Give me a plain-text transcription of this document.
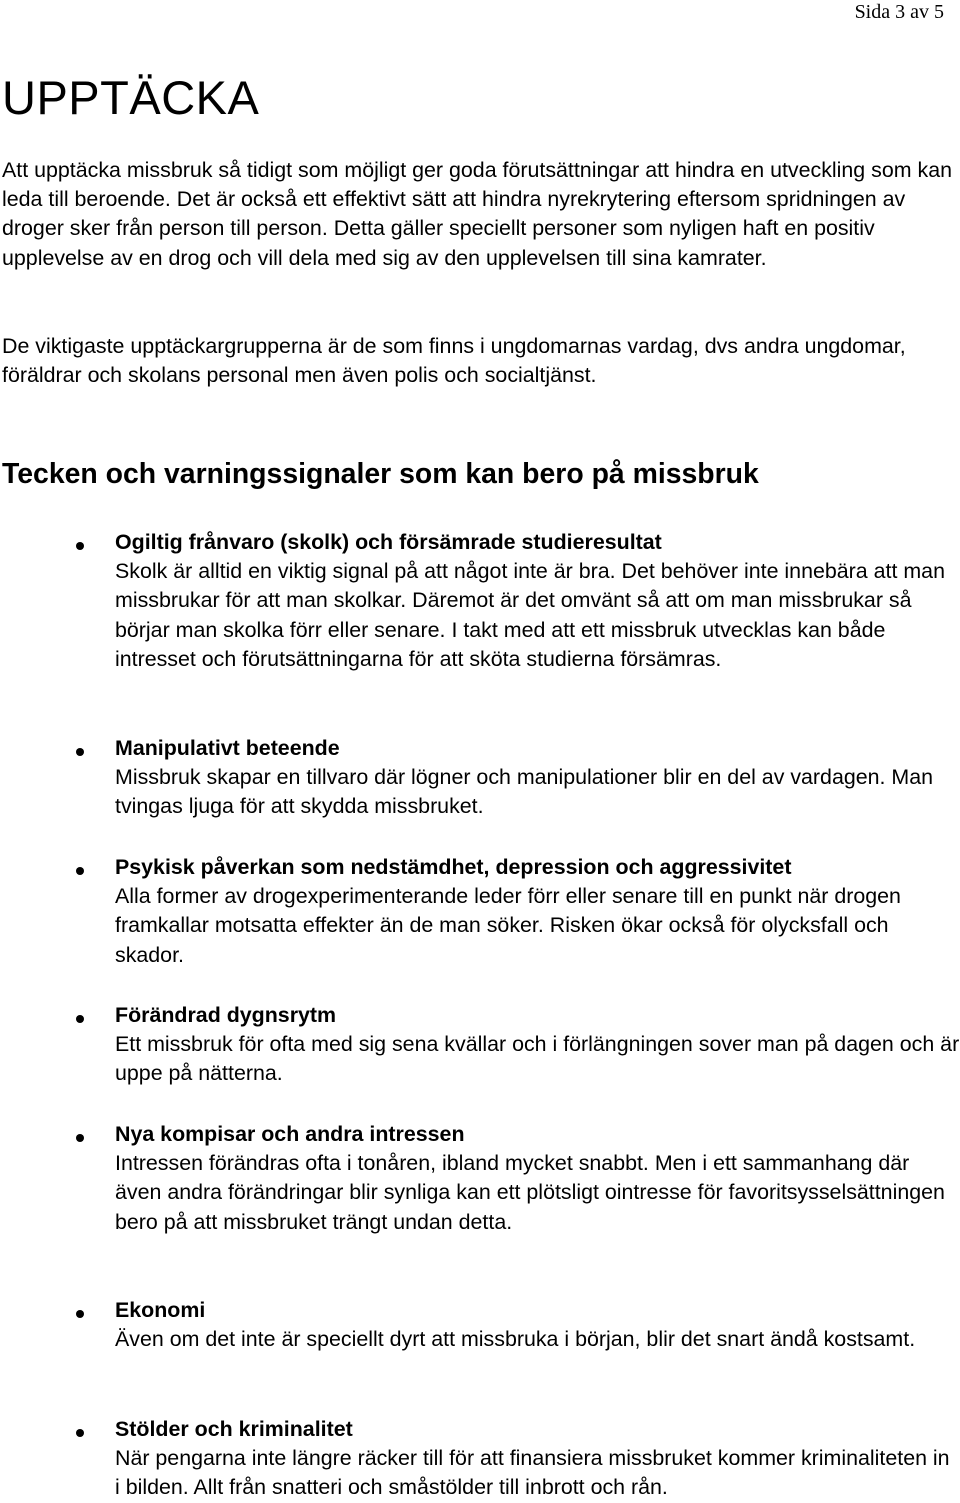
Sida 3 av 5
UPPTÄCKA

Att upptäcka missbruk så tidigt som möjligt ger goda förutsättningar att hindra en utveckling som kan leda till beroende. Det är också ett effektivt sätt att hindra nyrekrytering eftersom spridningen av droger sker från person till person. Detta gäller speciellt personer som nyligen haft en positiv upplevelse av en drog och vill dela med sig av den upplevelsen till sina kamrater.

De viktigaste upptäckargrupperna är de som finns i ungdomarnas vardag, dvs andra ungdomar, föräldrar och skolans personal men även polis och socialtjänst.

Tecken och varningssignaler som kan bero på missbruk

Ogiltig frånvaro (skolk) och försämrade studieresultat

Skolk är alltid en viktig signal på att något inte är bra. Det behöver inte innebära att man missbrukar för att man skolkar. Däremot är det omvänt så att om man missbrukar så börjar man skolka förr eller senare. I takt med att ett missbruk utvecklas kan både intresset och förutsättningarna för att sköta studierna försämras.

Manipulativt beteende

Missbruk skapar en tillvaro där lögner och manipulationer blir en del av vardagen. Man tvingas ljuga för att skydda missbruket.

Psykisk påverkan som nedstämdhet, depression och aggressivitet

Alla former av drogexperimenterande leder förr eller senare till en punkt när drogen framkallar motsatta effekter än de man söker. Risken ökar också för olycksfall och skador.

Förändrad dygnsrytm

Ett missbruk för ofta med sig sena kvällar och i förlängningen sover man på dagen och är uppe på nätterna.

Nya kompisar och andra intressen

Intressen förändras ofta i tonåren, ibland mycket snabbt. Men i ett sammanhang där även andra förändringar blir synliga kan ett plötsligt ointresse för favoritsysselsättningen bero på att missbruket trängt undan detta.

Ekonomi

Även om det inte är speciellt dyrt att missbruka i början, blir det snart ändå kostsamt.

Stölder och kriminalitet

När pengarna inte längre räcker till för att finansiera missbruket kommer kriminaliteten in i bilden. Allt från snatteri och småstölder till inbrott och rån.
